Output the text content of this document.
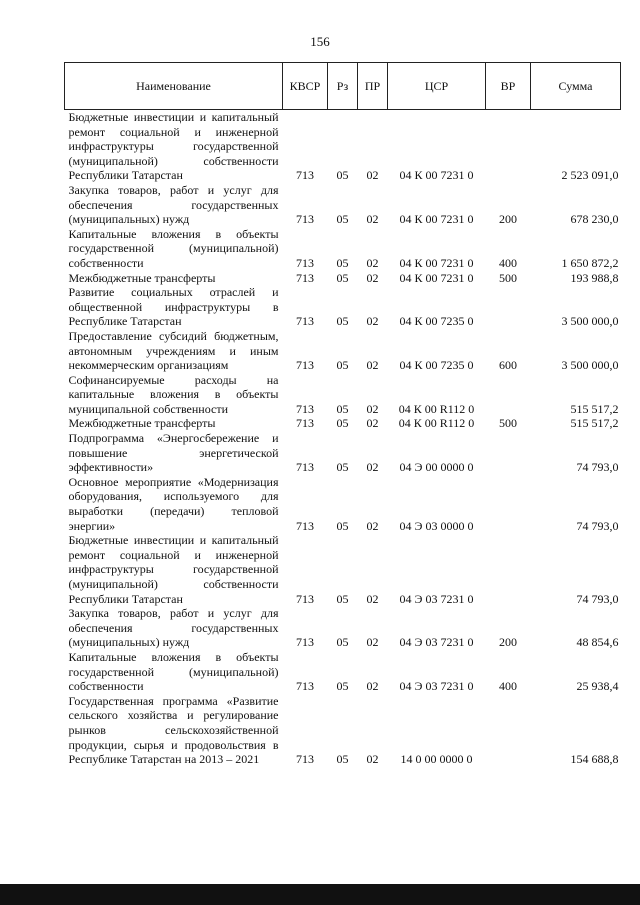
156
Наименование	КВСР	Рз	ПР	ЦСР	ВР	Сумма
Бюджетные инвестиции и капитальный ремонт социальной и инженерной инфраструктуры государственной (муниципальной) собственности Республики Татарстан	713	05	02	04 К 00 7231 0		2 523 091,0
Закупка товаров, работ и услуг для обеспечения государственных (муниципальных) нужд	713	05	02	04 К 00 7231 0	200	678 230,0
Капитальные вложения в объекты государственной (муниципальной) собственности	713	05	02	04 К 00 7231 0	400	1 650 872,2
Межбюджетные трансферты	713	05	02	04 К 00 7231 0	500	193 988,8
Развитие социальных отраслей и общественной инфраструктуры в Республике Татарстан	713	05	02	04 К 00 7235 0		3 500 000,0
Предоставление субсидий бюджетным, автономным учреждениям и иным некоммерческим организациям	713	05	02	04 К 00 7235 0	600	3 500 000,0
Софинансируемые расходы на капитальные вложения в объекты муниципальной собственности	713	05	02	04 К 00 R112 0		515 517,2
Межбюджетные трансферты	713	05	02	04 К 00 R112 0	500	515 517,2
Подпрограмма «Энергосбережение и повышение энергетической эффективности»	713	05	02	04 Э 00 0000 0		74 793,0
Основное мероприятие «Модернизация оборудования, используемого для выработки (передачи) тепловой энергии»	713	05	02	04 Э 03 0000 0		74 793,0
Бюджетные инвестиции и капитальный ремонт социальной и инженерной инфраструктуры государственной (муниципальной) собственности Республики Татарстан	713	05	02	04 Э 03 7231 0		74 793,0
Закупка товаров, работ и услуг для обеспечения государственных (муниципальных) нужд	713	05	02	04 Э 03 7231 0	200	48 854,6
Капитальные вложения в объекты государственной (муниципальной) собственности	713	05	02	04 Э 03 7231 0	400	25 938,4
Государственная программа «Развитие сельского хозяйства и регулирование рынков сельскохозяйственной продукции, сырья и продовольствия в Республике Татарстан на 2013 – 2021	713	05	02	14 0 00 0000 0		154 688,8
